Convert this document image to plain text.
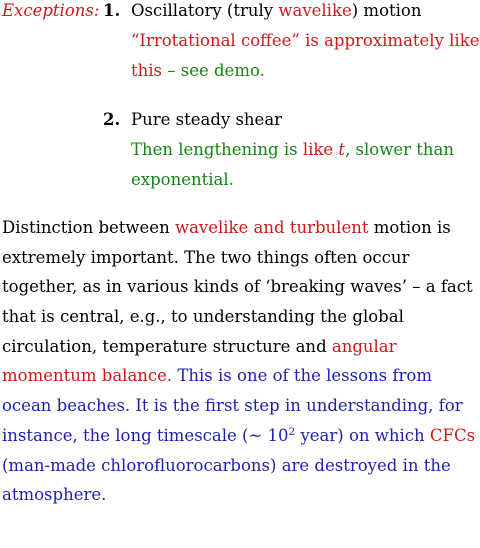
Exceptions: 1. Oscillatory (truly wavelike) motion
“Irrotational coffee” is approximately like
this – see demo.
2. Pure steady shear
Then lengthening is like t, slower than
exponential.
Distinction between wavelike and turbulent motion is
extremely important. The two things often occur
together, as in various kinds of ‘breaking waves’ – a fact
that is central, e.g., to understanding the global
circulation, temperature structure and angular
momentum balance. This is one of the lessons from
ocean beaches. It is the first step in understanding, for
instance, the long timescale (~ $10^2$ year) on which CFCs
(man-made chlorofluorocarbons) are destroyed in the
atmosphere.
